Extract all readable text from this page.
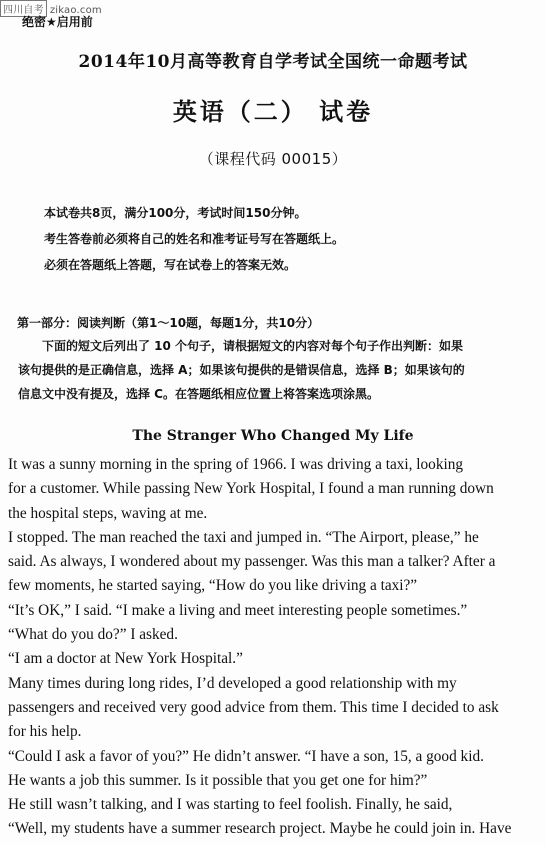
四川自考 zikao.com
绝密★启用前
2014年10月高等教育自学考试全国统一命题考试
英语（二） 试卷
（课程代码 00015）
本试卷共8页，满分100分，考试时间150分钟。
考生答卷前必须将自己的姓名和准考证号写在答题纸上。
必须在答题纸上答题，写在试卷上的答案无效。
第一部分：阅读判断（第1～10题，每题1分，共10分）
　　下面的短文后列出了 10 个句子，请根据短文的内容对每个句子作出判断：如果
该句提供的是正确信息，选择 A；如果该句提供的是错误信息，选择 B；如果该句的
信息文中没有提及，选择 C。在答题纸相应位置上将答案选项涂黑。
The Stranger Who Changed My Life
It was a sunny morning in the spring of 1966. I was driving a taxi, looking
for a customer. While passing New York Hospital, I found a man running down
the hospital steps, waving at me.
I stopped. The man reached the taxi and jumped in. “The Airport, please,” he
said. As always, I wondered about my passenger. Was this man a talker? After a
few moments, he started saying, “How do you like driving a taxi?”
“It’s OK,” I said. “I make a living and meet interesting people sometimes.”
“What do you do?” I asked.
“I am a doctor at New York Hospital.”
Many times during long rides, I’d developed a good relationship with my
passengers and received very good advice from them. This time I decided to ask
for his help.
“Could I ask a favor of you?” He didn’t answer. “I have a son, 15, a good kid.
He wants a job this summer. Is it possible that you get one for him?”
He still wasn’t talking, and I was starting to feel foolish. Finally, he said,
“Well, my students have a summer research project. Maybe he could join in. Have
